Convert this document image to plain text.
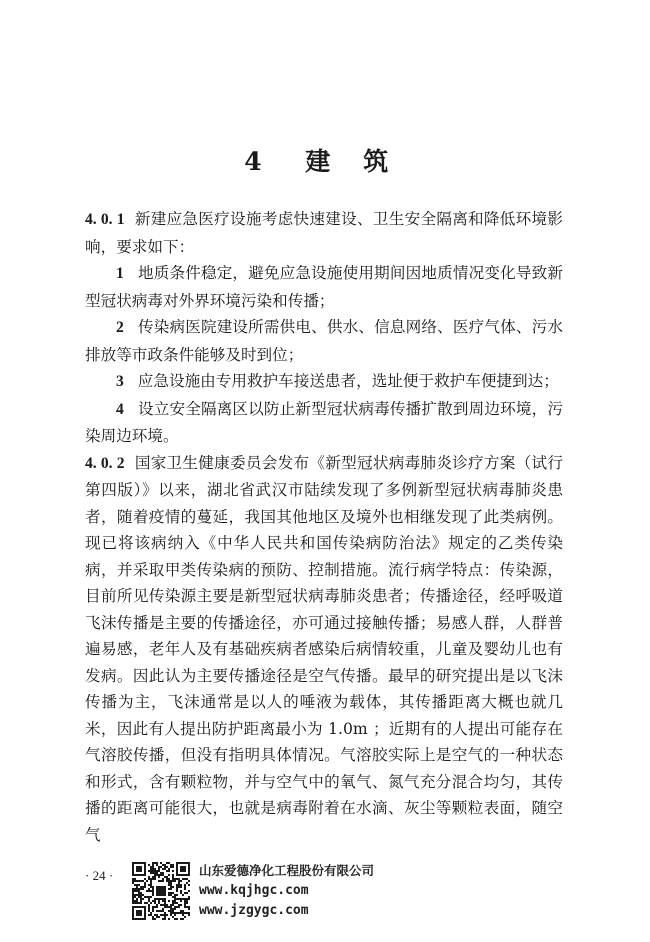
4 建 筑

4. 0. 1 新建应急医疗设施考虑快速建设、卫生安全隔离和降低环境影响，要求如下：

1 地质条件稳定，避免应急设施使用期间因地质情况变化导致新型冠状病毒对外界环境污染和传播；

2 传染病医院建设所需供电、供水、信息网络、医疗气体、污水排放等市政条件能够及时到位；

3 应急设施由专用救护车接送患者，选址便于救护车便捷到达；

4 设立安全隔离区以防止新型冠状病毒传播扩散到周边环境，污染周边环境。

4. 0. 2 国家卫生健康委员会发布《新型冠状病毒肺炎诊疗方案（试行第四版）》以来，湖北省武汉市陆续发现了多例新型冠状病毒肺炎患者，随着疫情的蔓延，我国其他地区及境外也相继发现了此类病例。现已将该病纳入《中华人民共和国传染病防治法》规定的乙类传染病，并采取甲类传染病的预防、控制措施。流行病学特点：传染源，目前所见传染源主要是新型冠状病毒肺炎患者；传播途径，经呼吸道飞沫传播是主要的传播途径，亦可通过接触传播；易感人群，人群普遍易感，老年人及有基础疾病者感染后病情较重，儿童及婴幼儿也有发病。因此认为主要传播途径是空气传播。最早的研究提出是以飞沫传播为主，飞沫通常是以人的唾液为载体，其传播距离大概也就几米，因此有人提出防护距离最小为 1.0m ；近期有的人提出可能存在气溶胶传播，但没有指明具体情况。气溶胶实际上是空气的一种状态和形式，含有颗粒物，并与空气中的氧气、氮气充分混合均匀，其传播的距离可能很大，也就是病毒附着在水滴、灰尘等颗粒表面，随空气

· 24 ·	山东爱德净化工程股份有限公司
www.kqjhgc.com
www.jzgygc.com
